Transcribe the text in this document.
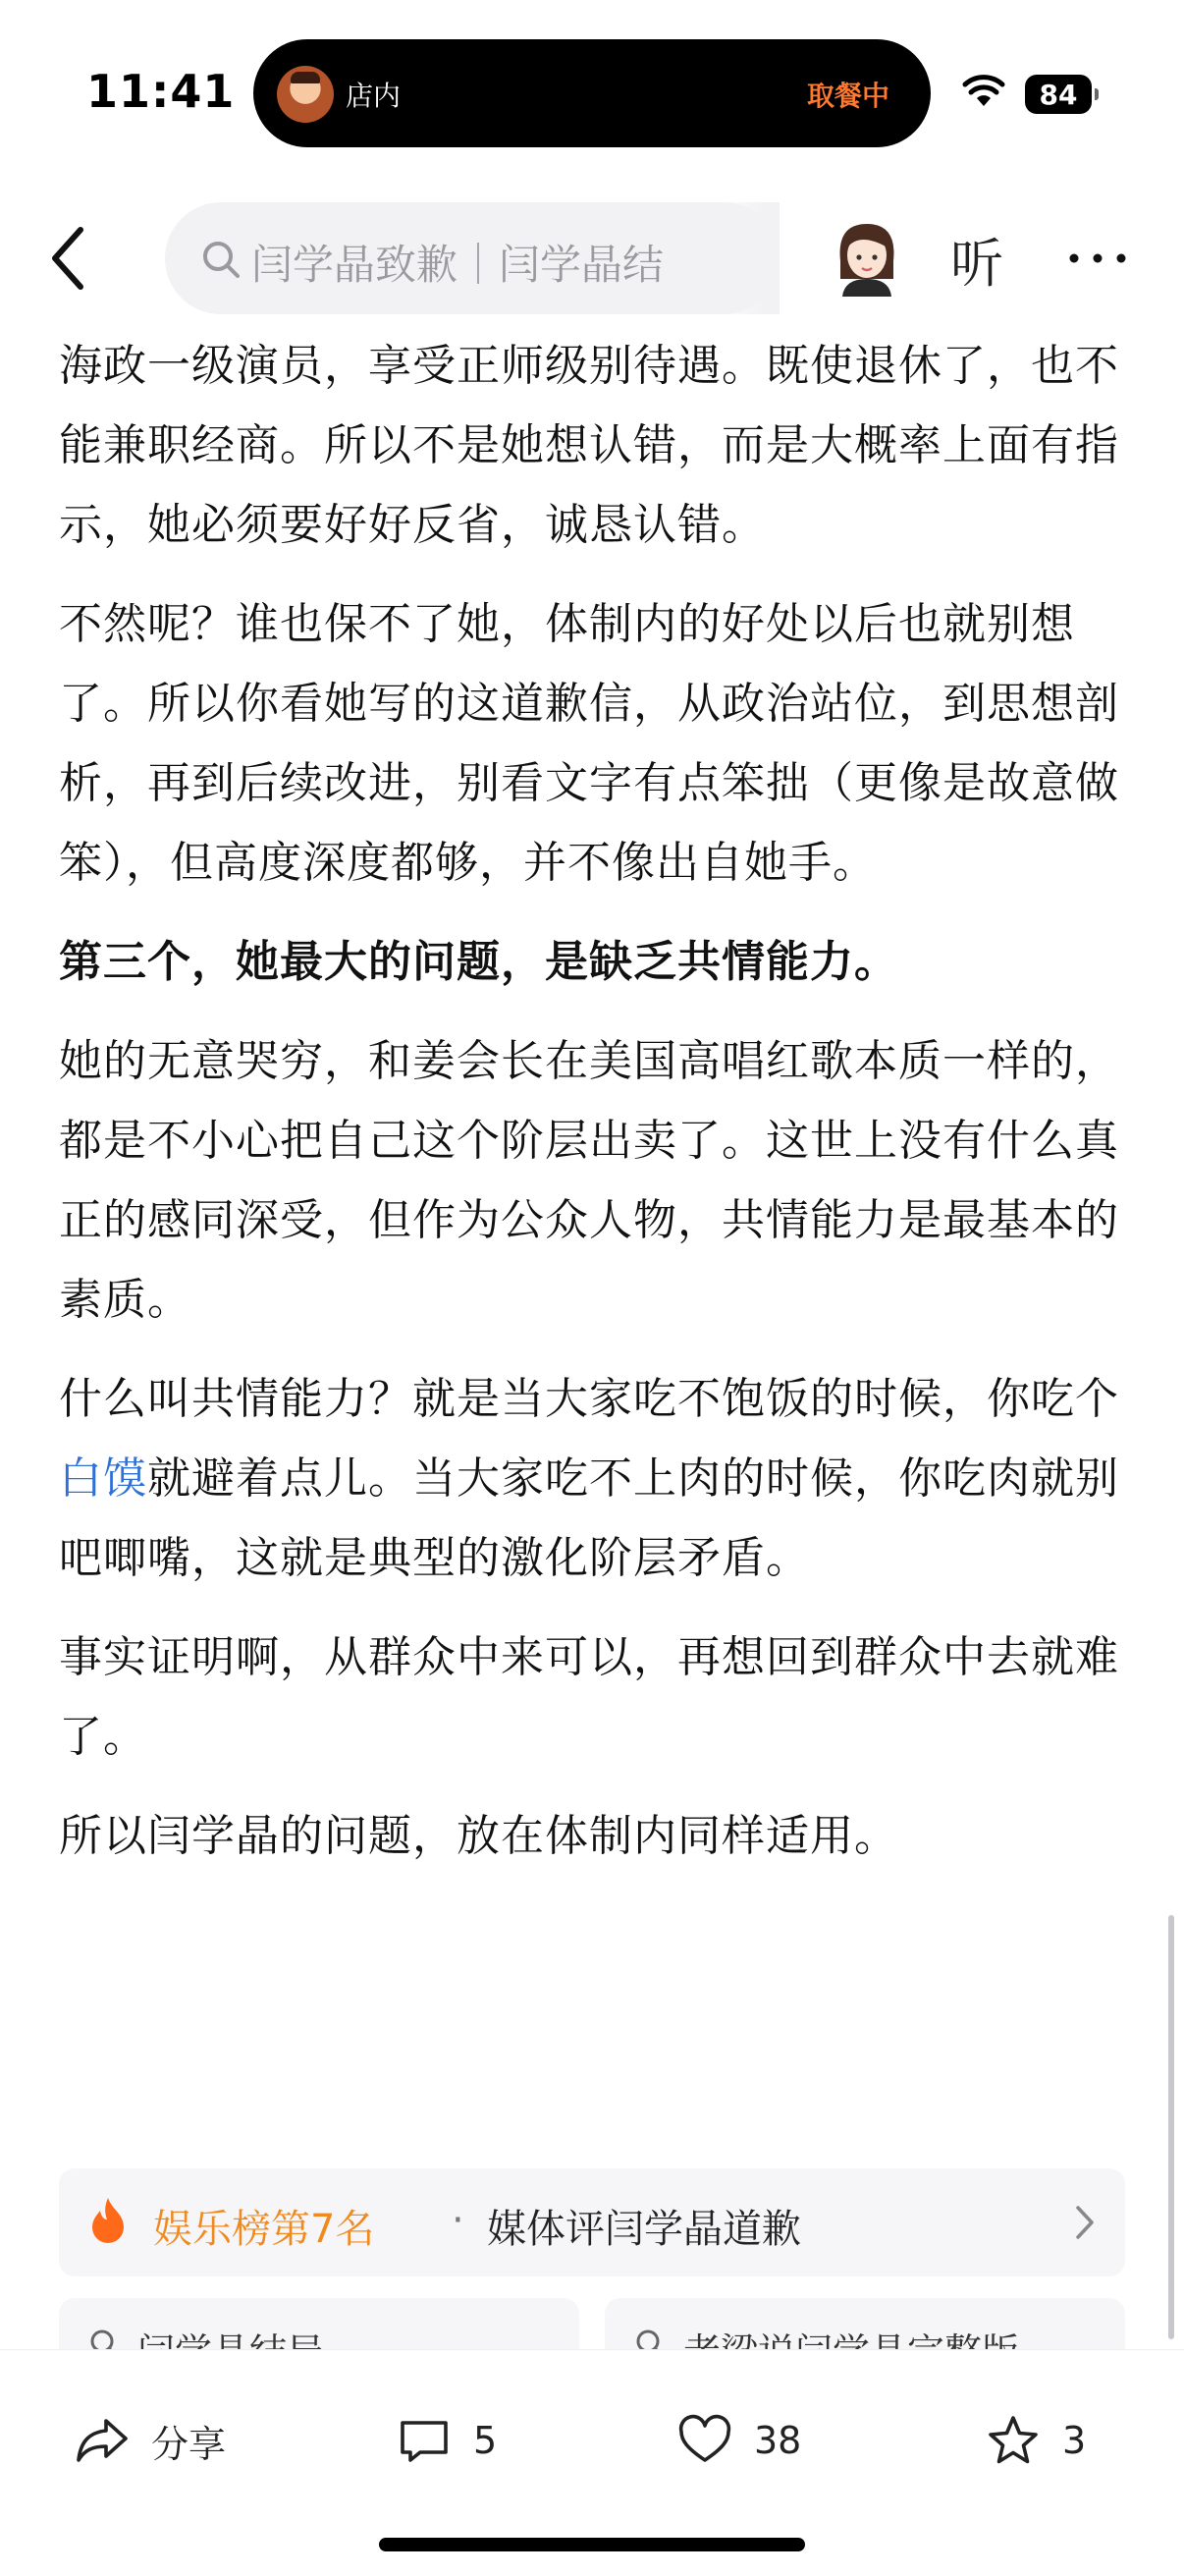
11:41	店内	取餐中	84
闫学晶致歉｜闫学晶结	听

海政一级演员，享受正师级别待遇。既使退休了，也不能兼职经商。所以不是她想认错，而是大概率上面有指示，她必须要好好反省，诚恳认错。

不然呢？谁也保不了她，体制内的好处以后也就别想了。所以你看她写的这道歉信，从政治站位，到思想剖析，再到后续改进，别看文字有点笨拙（更像是故意做笨），但高度深度都够，并不像出自她手。

第三个，她最大的问题，是缺乏共情能力。

她的无意哭穷，和姜会长在美国高唱红歌本质一样的，都是不小心把自己这个阶层出卖了。这世上没有什么真正的感同深受，但作为公众人物，共情能力是最基本的素质。

什么叫共情能力？就是当大家吃不饱饭的时候，你吃个白馍就避着点儿。当大家吃不上肉的时候，你吃肉就别吧唧嘴，这就是典型的激化阶层矛盾。

事实证明啊，从群众中来可以，再想回到群众中去就难了。

所以闫学晶的问题，放在体制内同样适用。

娱乐榜第7名 · 媒体评闫学晶道歉
分享	5	38	3
